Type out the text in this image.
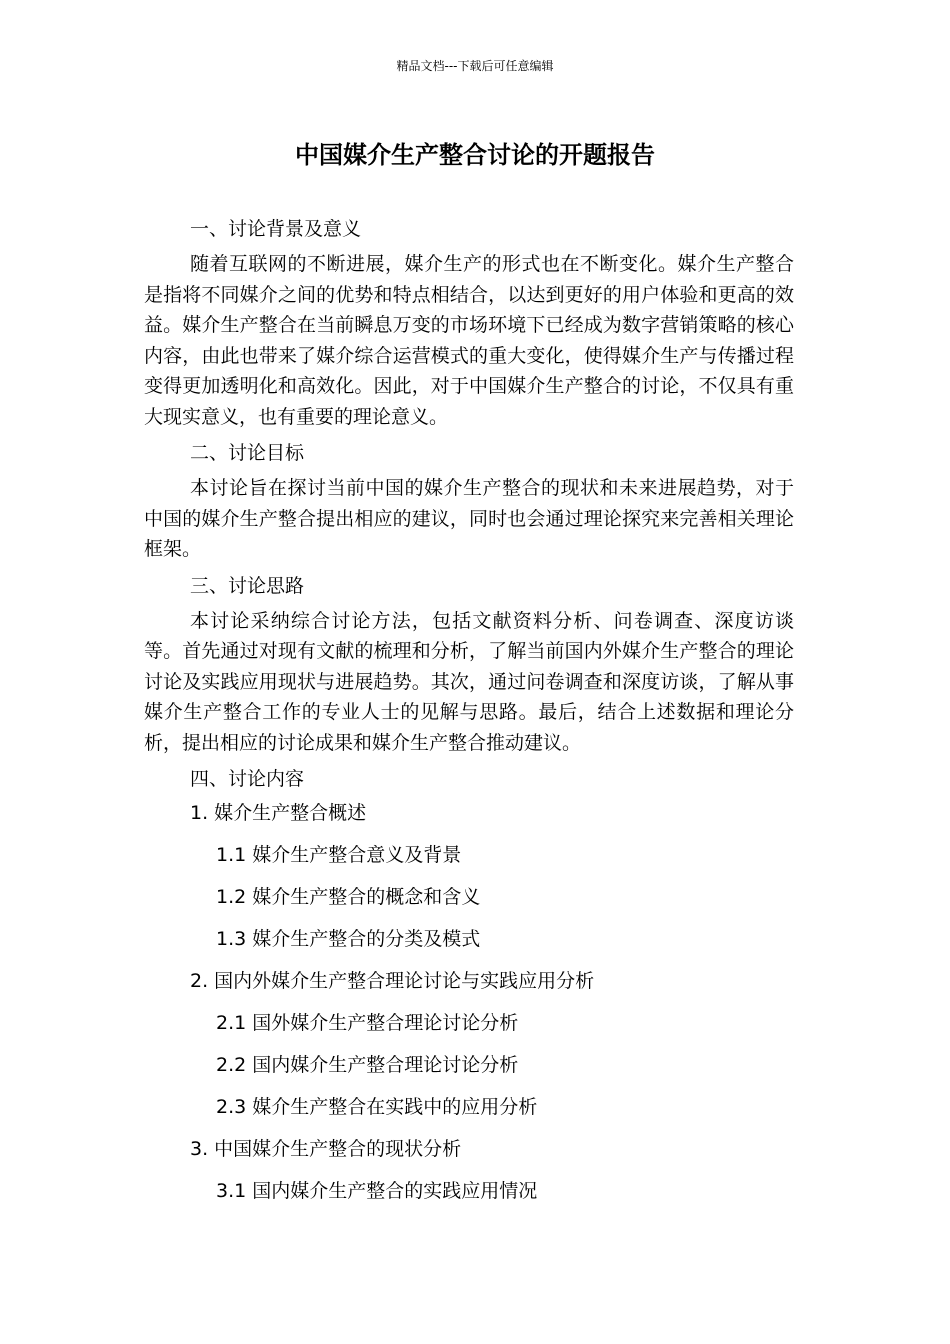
精品文档---下载后可任意编辑
中国媒介生产整合讨论的开题报告
一、讨论背景及意义

随着互联网的不断进展，媒介生产的形式也在不断变化。媒介生产整合是指将不同媒介之间的优势和特点相结合，以达到更好的用户体验和更高的效益。媒介生产整合在当前瞬息万变的市场环境下已经成为数字营销策略的核心内容，由此也带来了媒介综合运营模式的重大变化，使得媒介生产与传播过程变得更加透明化和高效化。因此，对于中国媒介生产整合的讨论，不仅具有重大现实意义，也有重要的理论意义。

二、讨论目标

本讨论旨在探讨当前中国的媒介生产整合的现状和未来进展趋势，对于中国的媒介生产整合提出相应的建议，同时也会通过理论探究来完善相关理论框架。

三、讨论思路

本讨论采纳综合讨论方法，包括文献资料分析、问卷调查、深度访谈等。首先通过对现有文献的梳理和分析，了解当前国内外媒介生产整合的理论讨论及实践应用现状与进展趋势。其次，通过问卷调查和深度访谈，了解从事媒介生产整合工作的专业人士的见解与思路。最后，结合上述数据和理论分析，提出相应的讨论成果和媒介生产整合推动建议。

四、讨论内容
1. 媒介生产整合概述
1.1 媒介生产整合意义及背景
1.2 媒介生产整合的概念和含义
1.3 媒介生产整合的分类及模式
2. 国内外媒介生产整合理论讨论与实践应用分析
2.1 国外媒介生产整合理论讨论分析
2.2 国内媒介生产整合理论讨论分析
2.3 媒介生产整合在实践中的应用分析
3. 中国媒介生产整合的现状分析
3.1 国内媒介生产整合的实践应用情况
